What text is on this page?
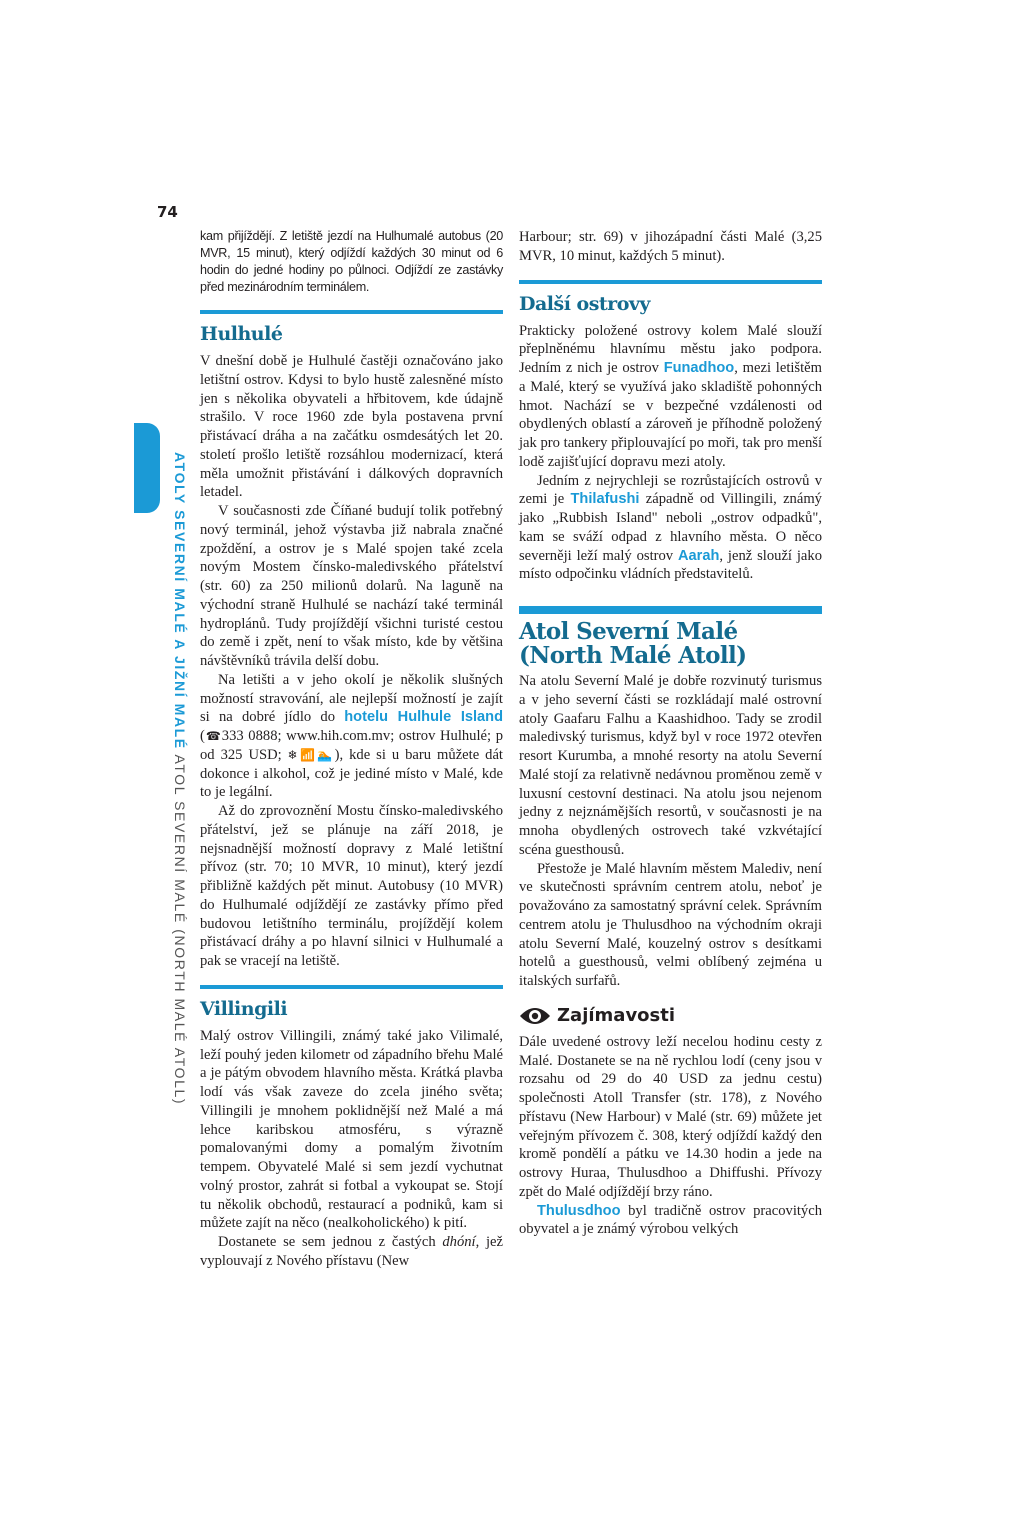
74
ATOLY SEVERNÍ MALÉ A JIŽNÍ MALÉ ATOL SEVERNÍ MALÉ (NORTH MALÉ ATOLL)

kam přijíždějí. Z letiště jezdí na Hulhumalé autobus (20 MVR, 15 minut), který odjíždí každých 30 minut od 6 hodin do jedné hodiny po půlnoci. Odjíždí ze zastávky před mezinárodním terminálem.

Hulhulé

V dnešní době je Hulhulé častěji označováno jako letištní ostrov. Kdysi to bylo hustě zalesněné místo jen s několika obyvateli a hřbitovem, kde údajně strašilo. V roce 1960 zde byla postavena první přistávací dráha a na začátku osmdesátých let 20. století prošlo letiště rozsáhlou modernizací, která měla umožnit přistávání i dálkových dopravních letadel.

V současnosti zde Číňané budují tolik potřebný nový terminál, jehož výstavba již nabrala značné zpoždění, a ostrov je s Malé spojen také zcela novým Mostem čínsko-maledivského přátelství (str. 60) za 250 milionů dolarů. Na laguně na východní straně Hulhulé se nachází také terminál hydroplánů. Tudy projíždějí všichni turisté cestou do země i zpět, není to však místo, kde by většina návštěvníků trávila delší dobu.

Na letišti a v jeho okolí je několik slušných možností stravování, ale nejlepší možností je zajít si na dobré jídlo do hotelu Hulhule Island (☎333 0888; www.hih.com.mv; ostrov Hulhulé; p od 325 USD; ❄📶🏊), kde si u baru můžete dát dokonce i alkohol, což je jediné místo v Malé, kde to je legální.

Až do zprovoznění Mostu čínsko-maledivského přátelství, jež se plánuje na září 2018, je nejsnadnější možností dopravy z Malé letištní přívoz (str. 70; 10 MVR, 10 minut), který jezdí přibližně každých pět minut. Autobusy (10 MVR) do Hulhumalé odjíždějí ze zastávky přímo před budovou letištního terminálu, projíždějí kolem přistávací dráhy a po hlavní silnici v Hulhumalé a pak se vracejí na letiště.

Villingili

Malý ostrov Villingili, známý také jako Vilimalé, leží pouhý jeden kilometr od západního břehu Malé a je pátým obvodem hlavního města. Krátká plavba lodí vás však zaveze do zcela jiného světa; Villingili je mnohem poklidnější než Malé a má lehce karibskou atmosféru, s výrazně pomalovanými domy a pomalým životním tempem. Obyvatelé Malé si sem jezdí vychutnat volný prostor, zahrát si fotbal a vykoupat se. Stojí tu několik obchodů, restaurací a podniků, kam si můžete zajít na něco (nealkoholického) k pití.

Dostanete se sem jednou z častých dhóní, jež vyplouvají z Nového přístavu (New

Harbour; str. 69) v jihozápadní části Malé (3,25 MVR, 10 minut, každých 5 minut).

Další ostrovy

Prakticky položené ostrovy kolem Malé slouží přeplněnému hlavnímu městu jako podpora. Jedním z nich je ostrov Funadhoo, mezi letištěm a Malé, který se využívá jako skladiště pohonných hmot. Nachází se v bezpečné vzdálenosti od obydlených oblastí a zároveň je příhodně položený jak pro tankery připlouvající po moři, tak pro menší lodě zajišťující dopravu mezi atoly.

Jedním z nejrychleji se rozrůstajících ostrovů v zemi je Thilafushi západně od Villingili, známý jako „Rubbish Island" neboli „ostrov odpadků", kam se sváží odpad z hlavního města. O něco severněji leží malý ostrov Aarah, jenž slouží jako místo odpočinku vládních představitelů.

Atol Severní Malé (North Malé Atoll)

Na atolu Severní Malé je dobře rozvinutý turismus a v jeho severní části se rozkládají malé ostrovní atoly Gaafaru Falhu a Kaashidhoo. Tady se zrodil maledivský turismus, když byl v roce 1972 otevřen resort Kurumba, a mnohé resorty na atolu Severní Malé stojí za relativně nedávnou proměnou země v luxusní cestovní destinaci. Na atolu jsou nejenom jedny z nejznámějších resortů, v současnosti je na mnoha obydlených ostrovech také vzkvétající scéna guesthousů.

Přestože je Malé hlavním městem Malediv, není ve skutečnosti správním centrem atolu, neboť je považováno za samostatný správní celek. Správním centrem atolu je Thulusdhoo na východním okraji atolu Severní Malé, kouzelný ostrov s desítkami hotelů a guesthousů, velmi oblíbený zejména u italských surfařů.

Zajímavosti

Dále uvedené ostrovy leží necelou hodinu cesty z Malé. Dostanete se na ně rychlou lodí (ceny jsou v rozsahu od 29 do 40 USD za jednu cestu) společnosti Atoll Transfer (str. 178), z Nového přístavu (New Harbour) v Malé (str. 69) můžete jet veřejným přívozem č. 308, který odjíždí každý den kromě pondělí a pátku ve 14.30 hodin a jede na ostrovy Huraa, Thulusdhoo a Dhiffushi. Přívozy zpět do Malé odjíždějí brzy ráno.

Thulusdhoo byl tradičně ostrov pracovitých obyvatel a je známý výrobou velkých
